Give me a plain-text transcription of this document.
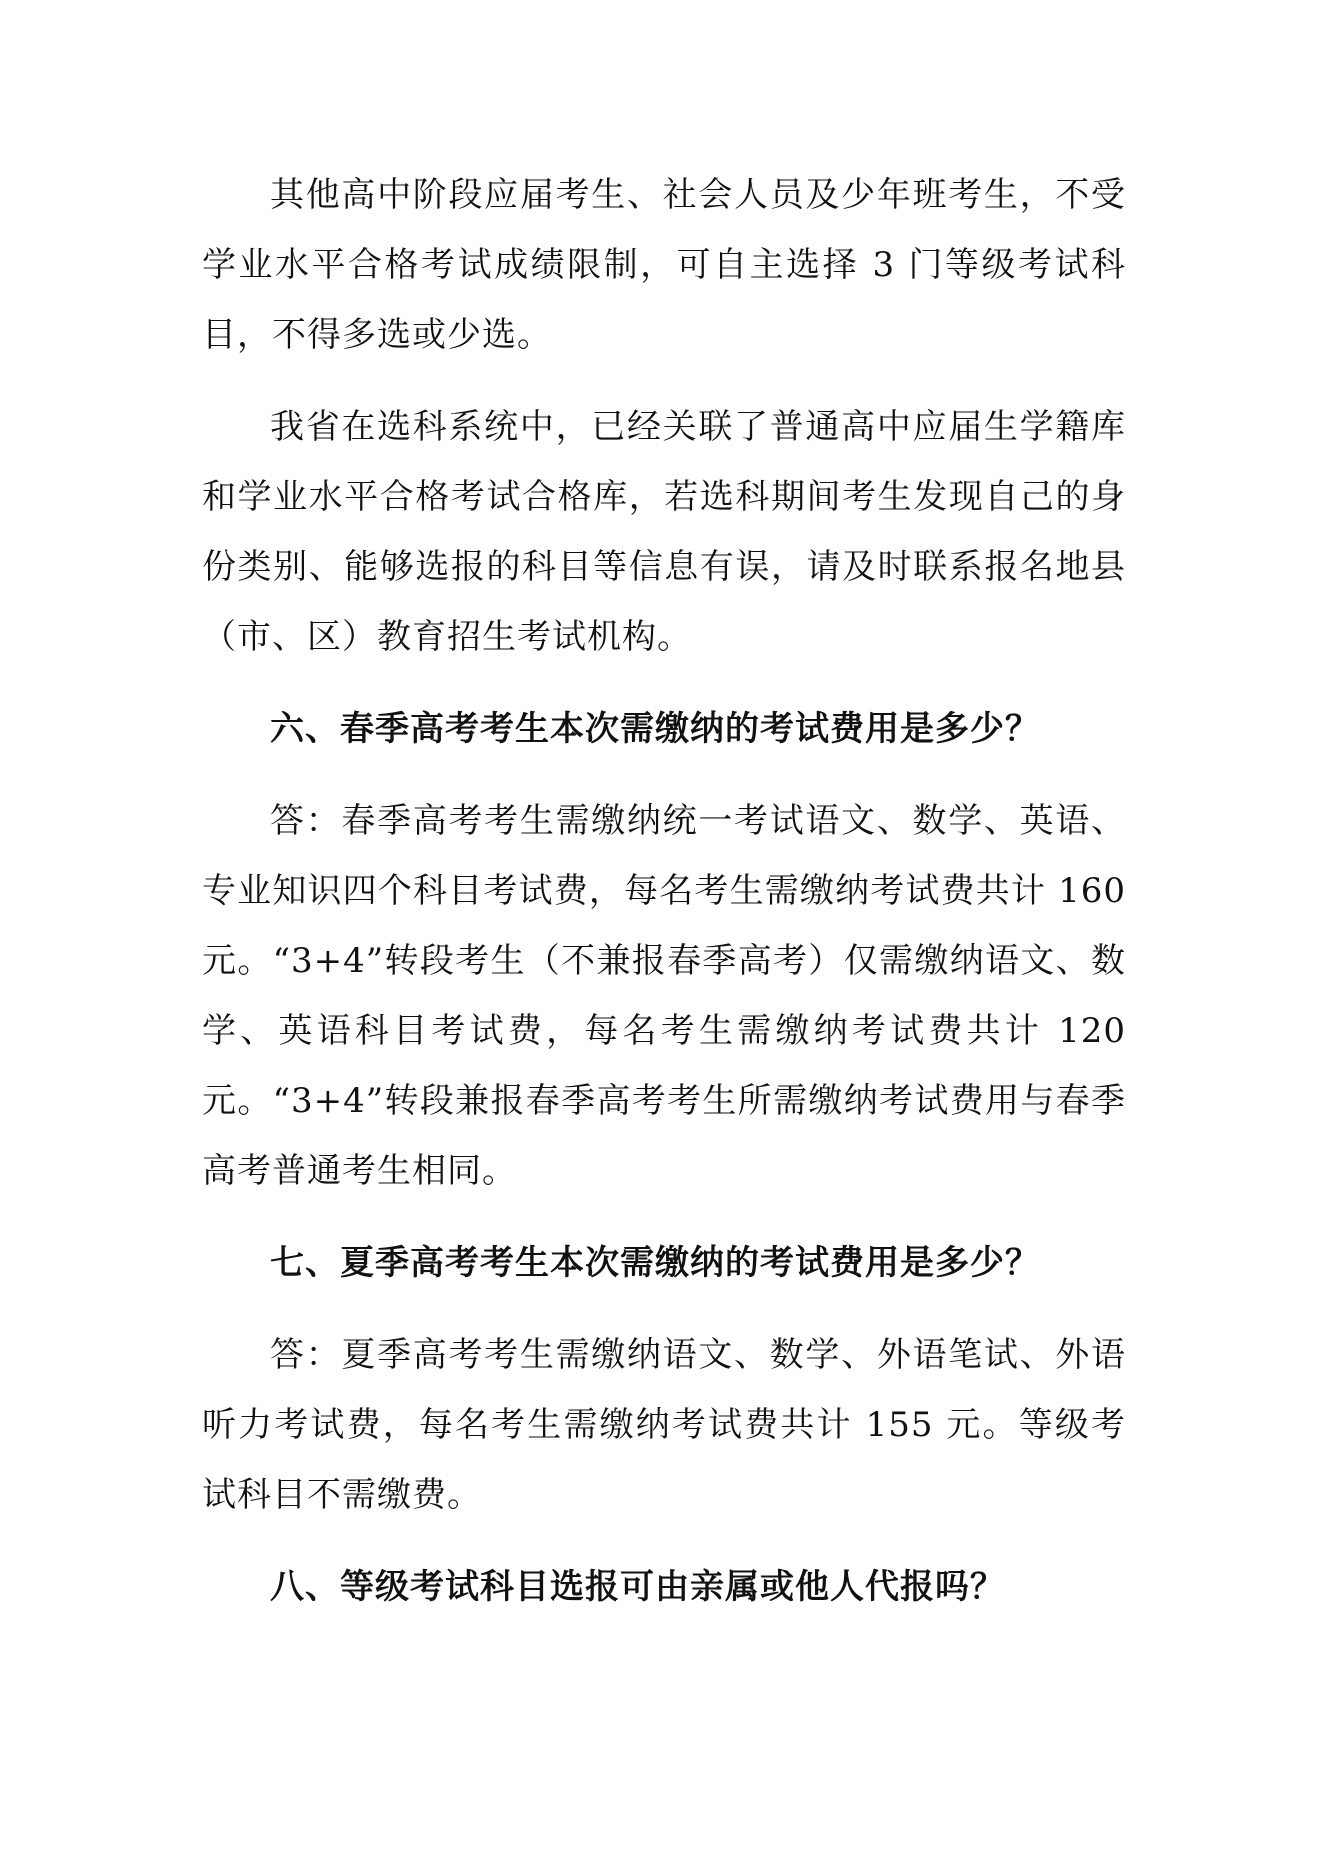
其他高中阶段应届考生、社会人员及少年班考生，不受学业水平合格考试成绩限制，可自主选择 3 门等级考试科目，不得多选或少选。

我省在选科系统中，已经关联了普通高中应届生学籍库和学业水平合格考试合格库，若选科期间考生发现自己的身份类别、能够选报的科目等信息有误，请及时联系报名地县（市、区）教育招生考试机构。

六、春季高考考生本次需缴纳的考试费用是多少？

答：春季高考考生需缴纳统一考试语文、数学、英语、专业知识四个科目考试费，每名考生需缴纳考试费共计 160 元。“3+4”转段考生（不兼报春季高考）仅需缴纳语文、数学、英语科目考试费，每名考生需缴纳考试费共计 120 元。“3+4”转段兼报春季高考考生所需缴纳考试费用与春季高考普通考生相同。

七、夏季高考考生本次需缴纳的考试费用是多少？

答：夏季高考考生需缴纳语文、数学、外语笔试、外语听力考试费，每名考生需缴纳考试费共计 155 元。等级考试科目不需缴费。

八、等级考试科目选报可由亲属或他人代报吗？
